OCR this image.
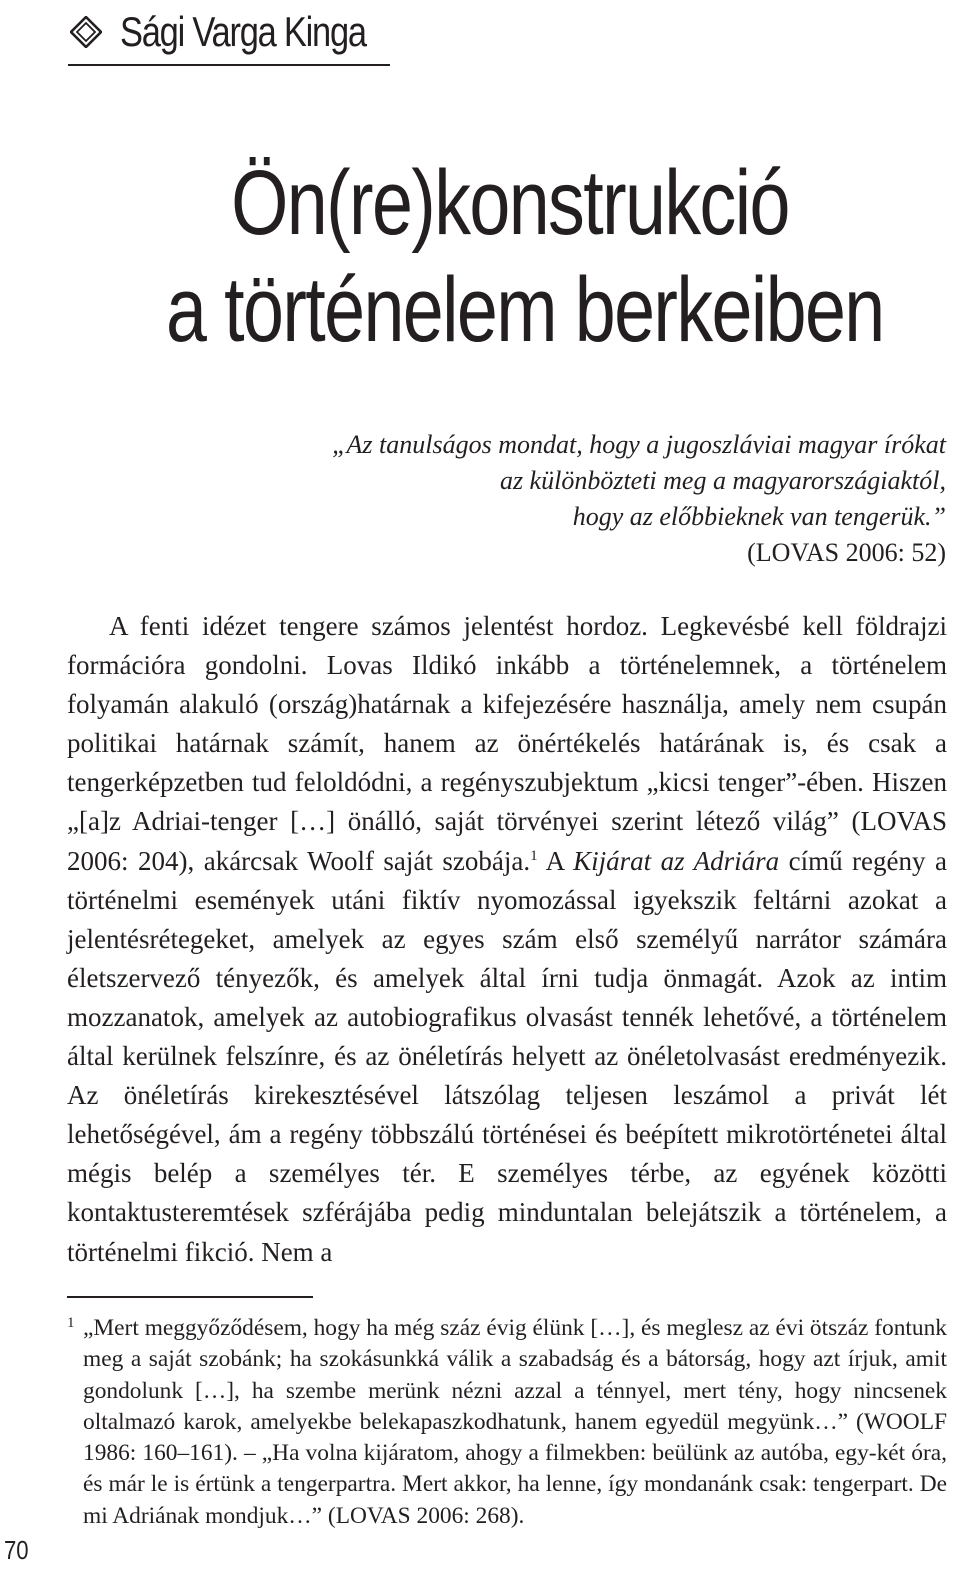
Sági Varga Kinga
Ön(re)konstrukció
a történelem berkeiben
„Az tanulságos mondat, hogy a jugoszláviai magyar írókat
az különbözteti meg a magyarországiaktól,
hogy az előbbieknek van tengerük.”
(LOVAS 2006: 52)
A fenti idézet tengere számos jelentést hordoz. Legkevésbé kell földrajzi formációra gondolni. Lovas Ildikó inkább a történelemnek, a történelem folyamán alakuló (ország)határnak a kifejezésére használja, amely nem csupán politikai határnak számít, hanem az önértékelés határának is, és csak a tengerképzetben tud feloldódni, a regényszubjektum „kicsi tenger”-ében. Hiszen „[a]z Adriai-tenger […] önálló, saját törvényei szerint létező világ” (LOVAS 2006: 204), akárcsak Woolf saját szobája.$^1$ A Kijárat az Adriára című regény a történelmi események utáni fiktív nyomozással igyekszik feltárni azokat a jelentésrétegeket, amelyek az egyes szám első személyű narrátor számára életszervező tényezők, és amelyek által írni tudja önmagát. Azok az intim mozzanatok, amelyek az autobiografikus olvasást tennék lehetővé, a történelem által kerülnek felszínre, és az önéletírás helyett az önéletolvasást eredményezik. Az önéletírás kirekesztésével látszólag teljesen leszámol a privát lét lehetőségével, ám a regény többszálú történései és beépített mikrotörténetei által mégis belép a személyes tér. E személyes térbe, az egyének közötti kontaktusteremtések szférájába pedig minduntalan belejátszik a történelem, a történelmi fikció. Nem a
1 „Mert meggyőződésem, hogy ha még száz évig élünk […], és meglesz az évi ötszáz fontunk meg a saját szobánk; ha szokásunkká válik a szabadság és a bátorság, hogy azt írjuk, amit gondolunk […], ha szembe merünk nézni azzal a ténnyel, mert tény, hogy nincsenek oltalmazó karok, amelyekbe belekapaszkodhatunk, hanem egyedül megyünk…” (WOOLF 1986: 160–161). – „Ha volna kijáratom, ahogy a filmekben: beülünk az autóba, egy-két óra, és már le is értünk a tengerpartra. Mert akkor, ha lenne, így mondanánk csak: tengerpart. De mi Adriának mondjuk…” (LOVAS 2006: 268).
70
